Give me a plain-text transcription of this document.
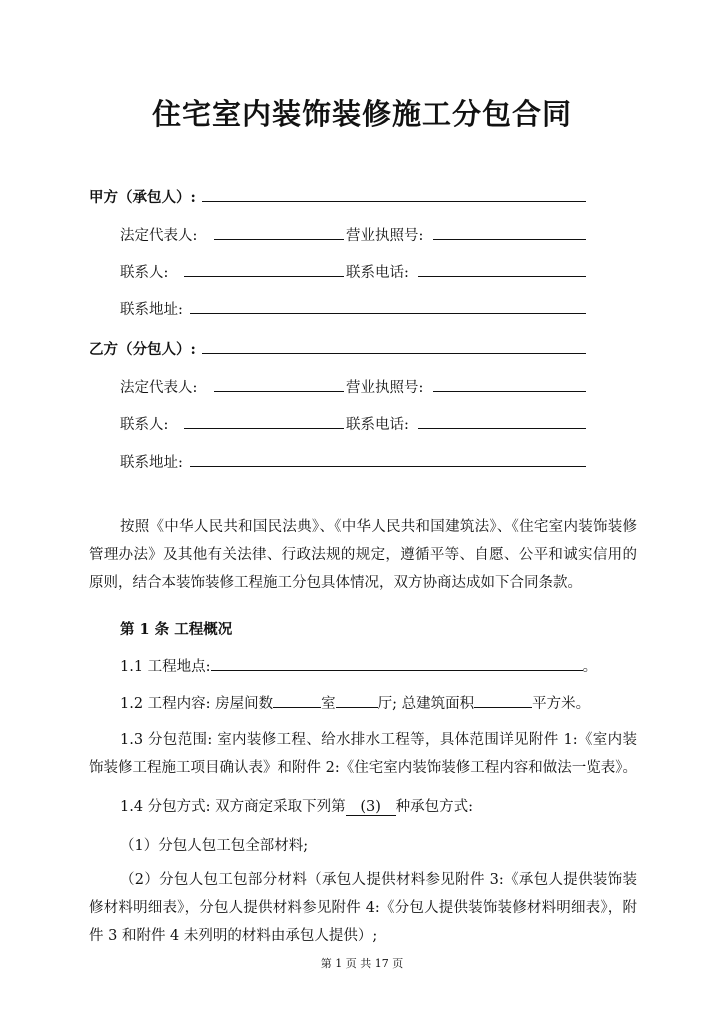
住宅室内装饰装修施工分包合同
甲方（承包人）:
法定代表人:	营业执照号:
联系人:	联系电话:
联系地址:
乙方（分包人）:
法定代表人:	营业执照号:
联系人:	联系电话:
联系地址:
按照《中华人民共和国民法典》、《中华人民共和国建筑法》、《住宅室内装饰装修管理办法》及其他有关法律、行政法规的规定，遵循平等、自愿、公平和诚实信用的原则，结合本装饰装修工程施工分包具体情况，双方协商达成如下合同条款。
第 1 条 工程概况
1.1 工程地点:	。
1.2 工程内容: 房屋间数	室	厅; 总建筑面积	平方米。
1.3 分包范围: 室内装修工程、给水排水工程等，具体范围详见附件 1:《室内装饰装修工程施工项目确认表》和附件 2:《住宅室内装饰装修工程内容和做法一览表》。
1.4 分包方式: 双方商定采取下列第 (3) 种承包方式:
（1）分包人包工包全部材料;
（2）分包人包工包部分材料（承包人提供材料参见附件 3:《承包人提供装饰装修材料明细表》，分包人提供材料参见附件 4:《分包人提供装饰装修材料明细表》，附件 3 和附件 4 未列明的材料由承包人提供）;
第 1 页 共 17 页
